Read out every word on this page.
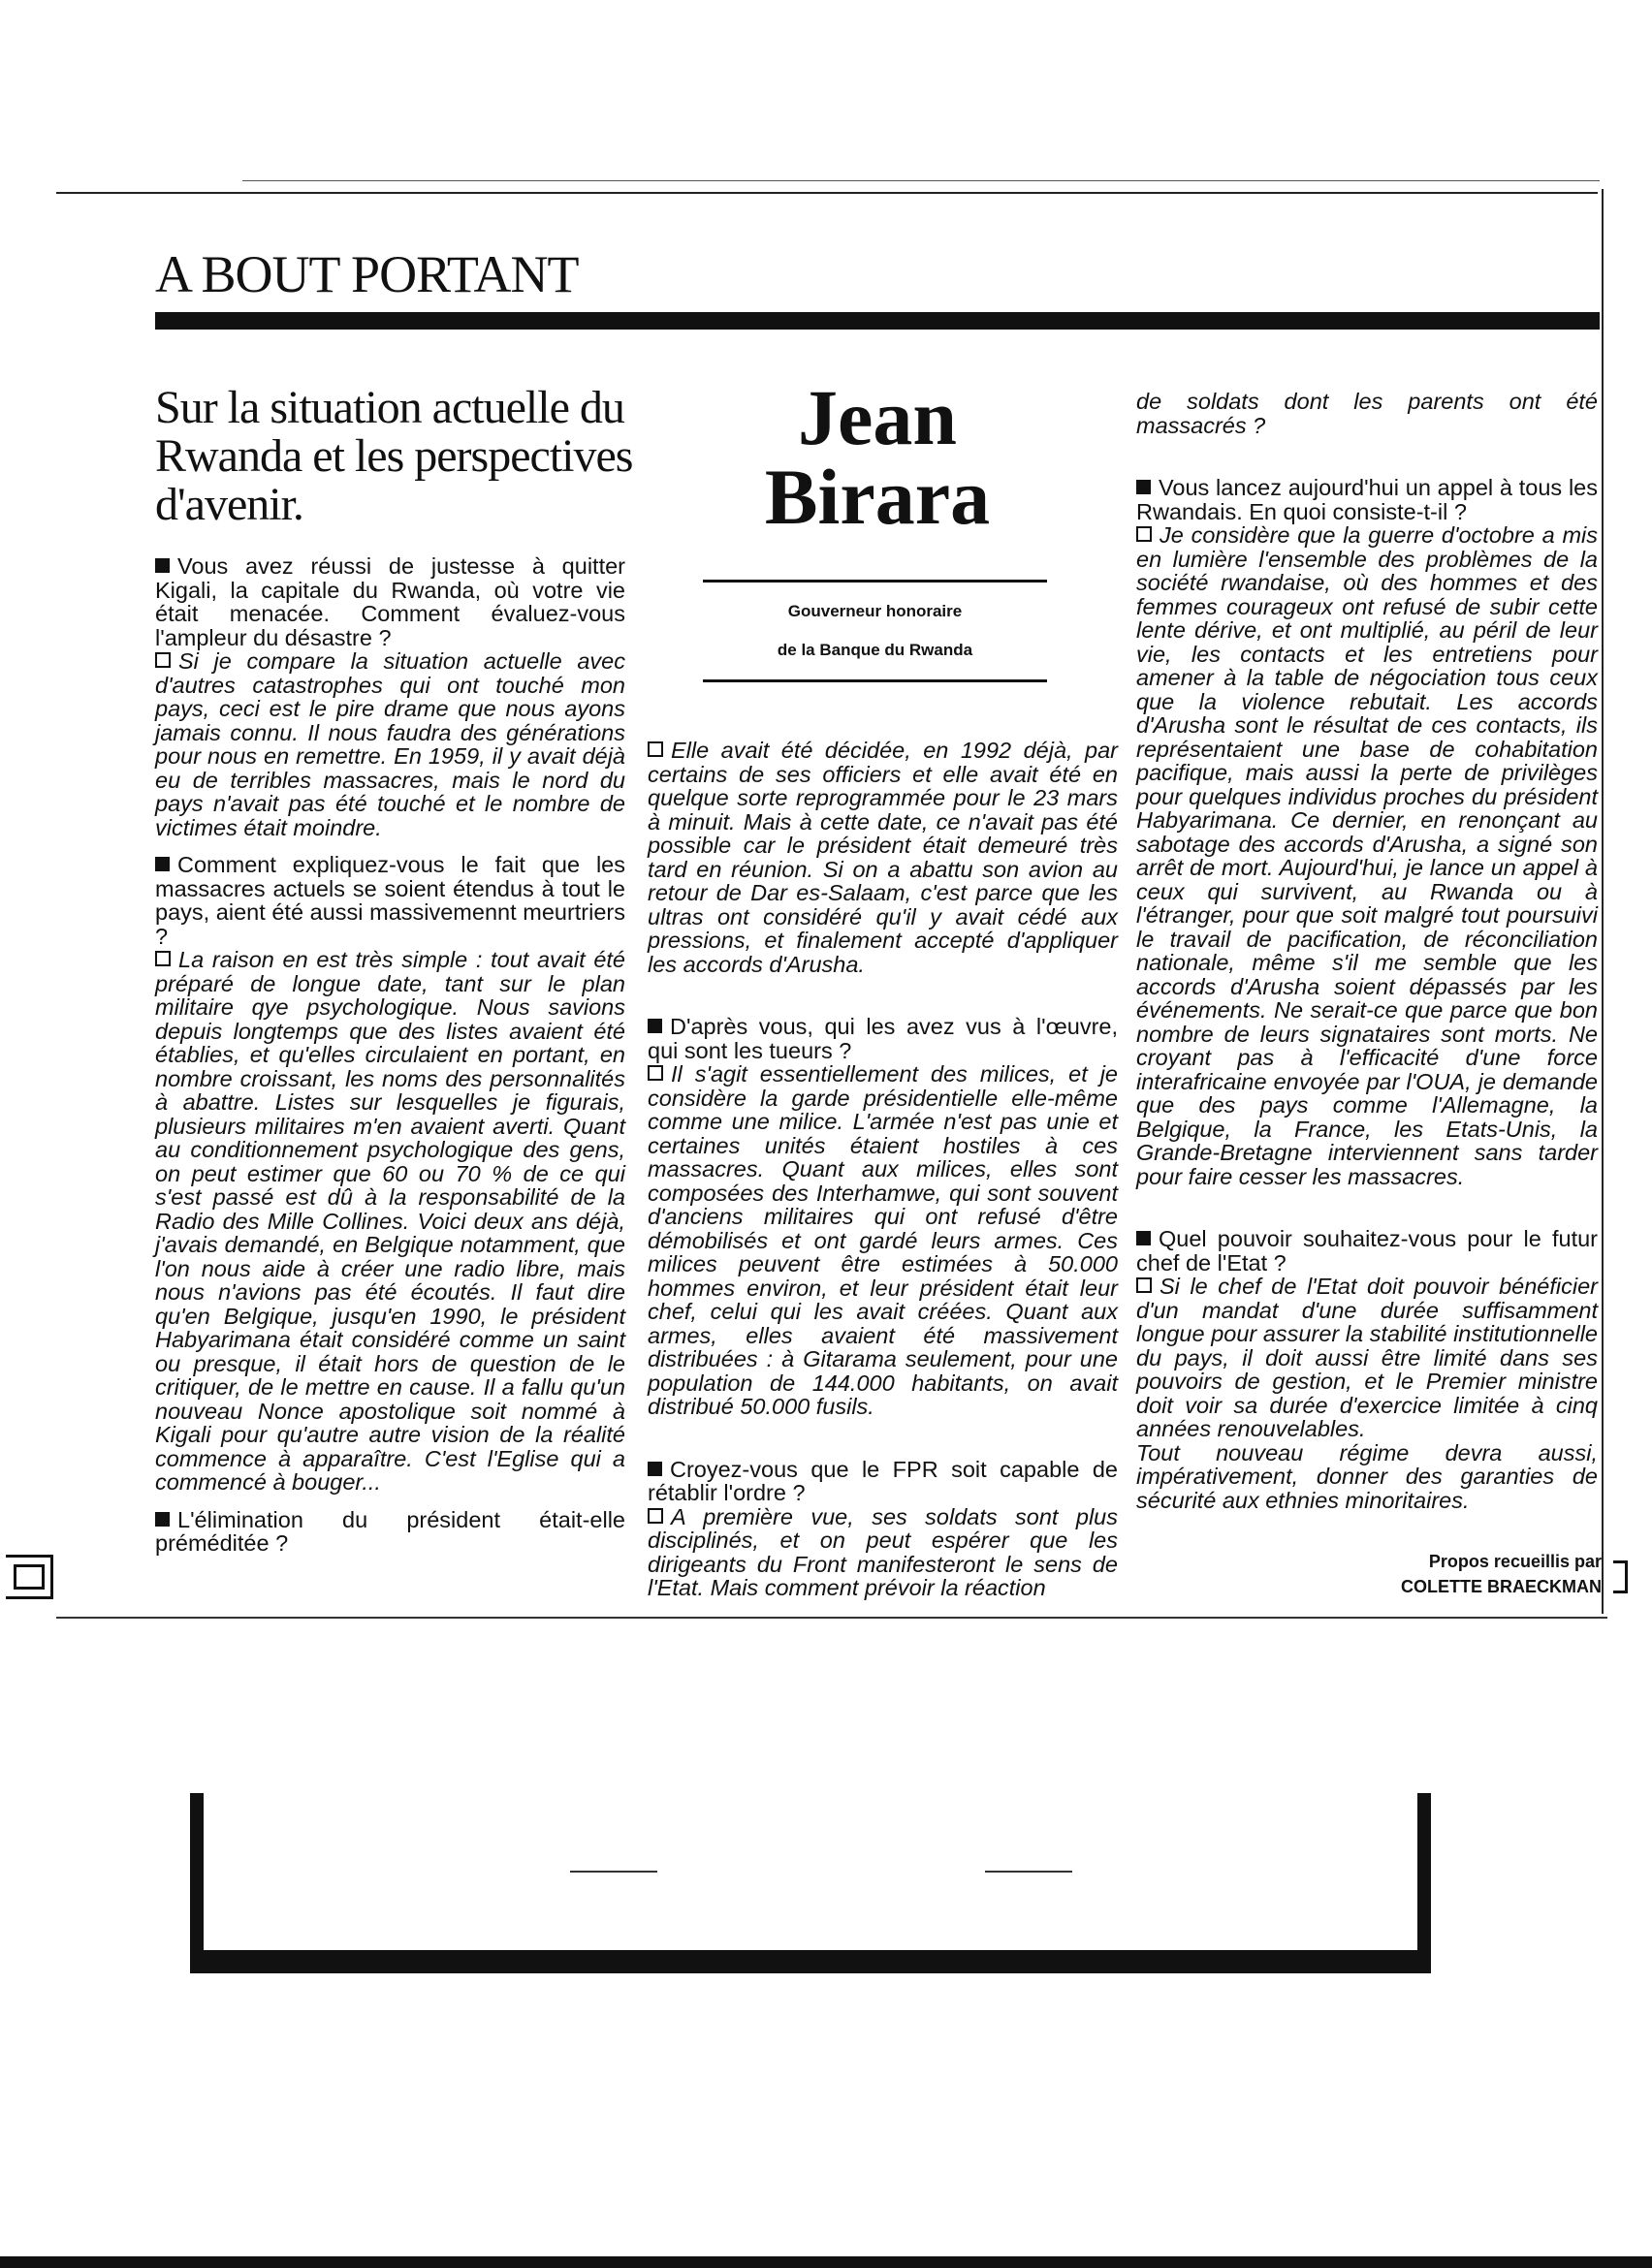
A BOUT PORTANT
Sur la situation actuelle du Rwanda et les perspectives d'avenir.
Jean
Birara
Gouverneur honoraire
de la Banque du Rwanda

Vous avez réussi de justesse à quitter Kigali, la capitale du Rwanda, où votre vie était menacée. Comment évaluez-vous l'ampleur du désastre ?

Si je compare la situation actuelle avec d'autres catastrophes qui ont touché mon pays, ceci est le pire drame que nous ayons jamais connu. Il nous faudra des générations pour nous en remettre. En 1959, il y avait déjà eu de terribles massacres, mais le nord du pays n'avait pas été touché et le nombre de victimes était moindre.

Comment expliquez-vous le fait que les massacres actuels se soient étendus à tout le pays, aient été aussi massivemennt meurtriers ?

La raison en est très simple : tout avait été préparé de longue date, tant sur le plan militaire qye psychologique. Nous savions depuis longtemps que des listes avaient été établies, et qu'elles circulaient en portant, en nombre croissant, les noms des personnalités à abattre. Listes sur lesquelles je figurais, plusieurs militaires m'en avaient averti. Quant au conditionnement psychologique des gens, on peut estimer que 60 ou 70 % de ce qui s'est passé est dû à la responsabilité de la Radio des Mille Collines. Voici deux ans déjà, j'avais demandé, en Belgique notamment, que l'on nous aide à créer une radio libre, mais nous n'avions pas été écoutés. Il faut dire qu'en Belgique, jusqu'en 1990, le président Habyarimana était considéré comme un saint ou presque, il était hors de question de le critiquer, de le mettre en cause. Il a fallu qu'un nouveau Nonce apostolique soit nommé à Kigali pour qu'autre autre vision de la réalité commence à apparaître. C'est l'Eglise qui a commencé à bouger...

L'élimination du président était-elle préméditée ?

Elle avait été décidée, en 1992 déjà, par certains de ses officiers et elle avait été en quelque sorte reprogrammée pour le 23 mars à minuit. Mais à cette date, ce n'avait pas été possible car le président était demeuré très tard en réunion. Si on a abattu son avion au retour de Dar es-Salaam, c'est parce que les ultras ont considéré qu'il y avait cédé aux pressions, et finalement accepté d'appliquer les accords d'Arusha.

D'après vous, qui les avez vus à l'œuvre, qui sont les tueurs ?

Il s'agit essentiellement des milices, et je considère la garde présidentielle elle-même comme une milice. L'armée n'est pas unie et certaines unités étaient hostiles à ces massacres. Quant aux milices, elles sont composées des Interhamwe, qui sont souvent d'anciens militaires qui ont refusé d'être démobilisés et ont gardé leurs armes. Ces milices peuvent être estimées à 50.000 hommes environ, et leur président était leur chef, celui qui les avait créées. Quant aux armes, elles avaient été massivement distribuées : à Gitarama seulement, pour une population de 144.000 habitants, on avait distribué 50.000 fusils.

Croyez-vous que le FPR soit capable de rétablir l'ordre ?

A première vue, ses soldats sont plus disciplinés, et on peut espérer que les dirigeants du Front manifesteront le sens de l'Etat. Mais comment prévoir la réaction

de soldats dont les parents ont été massacrés ?

Vous lancez aujourd'hui un appel à tous les Rwandais. En quoi consiste-t-il ?

Je considère que la guerre d'octobre a mis en lumière l'ensemble des problèmes de la société rwandaise, où des hommes et des femmes courageux ont refusé de subir cette lente dérive, et ont multiplié, au péril de leur vie, les contacts et les entretiens pour amener à la table de négociation tous ceux que la violence rebutait. Les accords d'Arusha sont le résultat de ces contacts, ils représentaient une base de cohabitation pacifique, mais aussi la perte de privilèges pour quelques individus proches du président Habyarimana. Ce dernier, en renonçant au sabotage des accords d'Arusha, a signé son arrêt de mort. Aujourd'hui, je lance un appel à ceux qui survivent, au Rwanda ou à l'étranger, pour que soit malgré tout poursuivi le travail de pacification, de réconciliation nationale, même s'il me semble que les accords d'Arusha soient dépassés par les événements. Ne serait-ce que parce que bon nombre de leurs signataires sont morts. Ne croyant pas à l'efficacité d'une force interafricaine envoyée par l'OUA, je demande que des pays comme l'Allemagne, la Belgique, la France, les Etats-Unis, la Grande-Bretagne interviennent sans tarder pour faire cesser les massacres.

Quel pouvoir souhaitez-vous pour le futur chef de l'Etat ?

Si le chef de l'Etat doit pouvoir bénéficier d'un mandat d'une durée suffisamment longue pour assurer la stabilité institutionnelle du pays, il doit aussi être limité dans ses pouvoirs de gestion, et le Premier ministre doit voir sa durée d'exercice limitée à cinq années renouvelables.

Tout nouveau régime devra aussi, impérativement, donner des garanties de sécurité aux ethnies minoritaires.

Propos recueillis par
COLETTE BRAECKMAN
